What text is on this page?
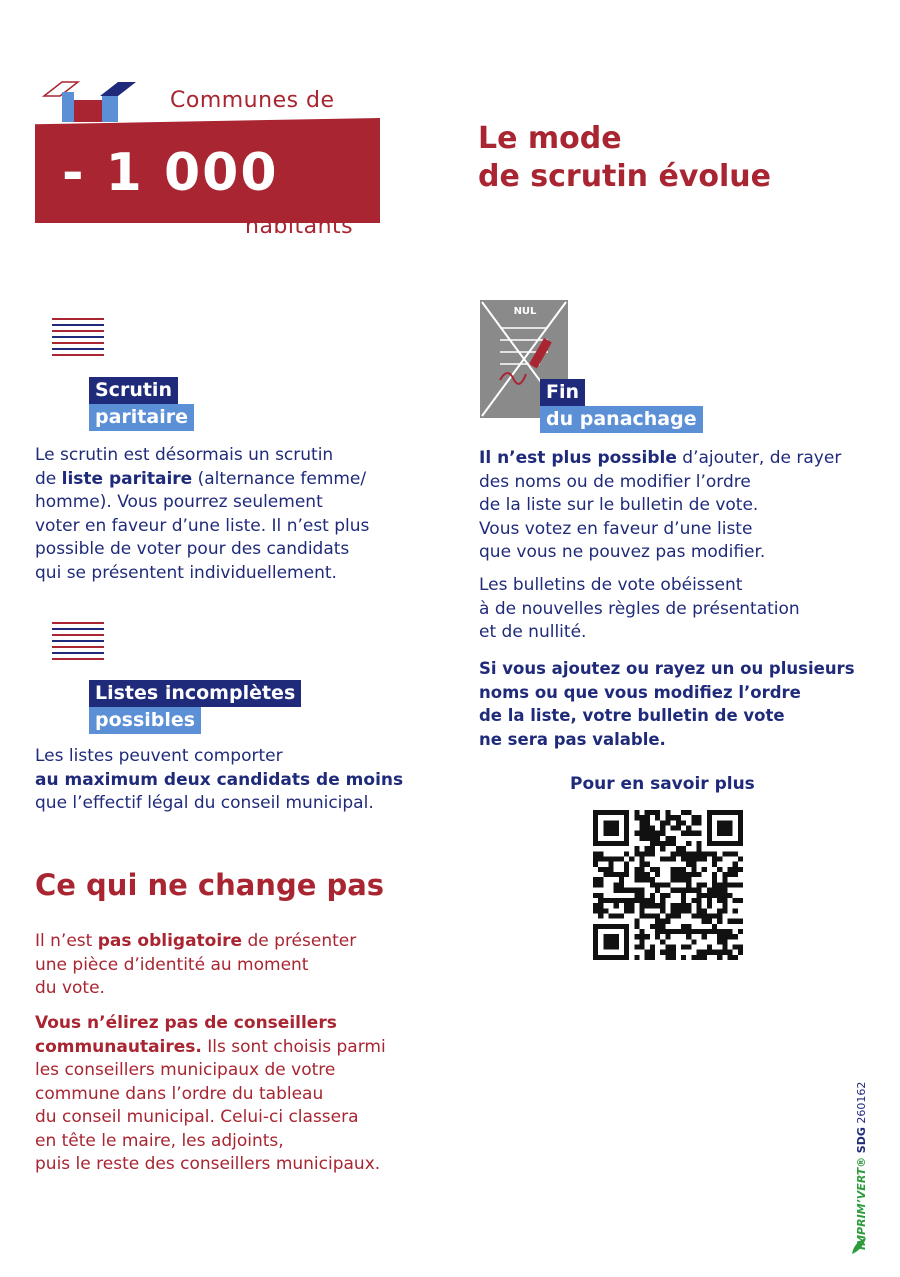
Communes de
- 1 000
habitants
Le mode
de scrutin évolue
Scrutin
paritaire
Le scrutin est désormais un scrutin
de liste paritaire (alternance femme/
homme). Vous pourrez seulement
voter en faveur d’une liste. Il n’est plus
possible de voter pour des candidats
qui se présentent individuellement.
Listes incomplètes
possibles
Les listes peuvent comporter
au maximum deux candidats de moins
que l’effectif légal du conseil municipal.
Ce qui ne change pas
Il n’est pas obligatoire de présenter
une pièce d’identité au moment
du vote.
Vous n’élirez pas de conseillers
communautaires. Ils sont choisis parmi
les conseillers municipaux de votre
commune dans l’ordre du tableau
du conseil municipal. Celui-ci classera
en tête le maire, les adjoints,
puis le reste des conseillers municipaux.
NUL
Fin
du panachage
Il n’est plus possible d’ajouter, de rayer
des noms ou de modifier l’ordre
de la liste sur le bulletin de vote.
Vous votez en faveur d’une liste
que vous ne pouvez pas modifier.
Les bulletins de vote obéissent
à de nouvelles règles de présentation
et de nullité.
Si vous ajoutez ou rayez un ou plusieurs
noms ou que vous modifiez l’ordre
de la liste, votre bulletin de vote
ne sera pas valable.
Pour en savoir plus
IMPRIM’VERT® SDG 260162
